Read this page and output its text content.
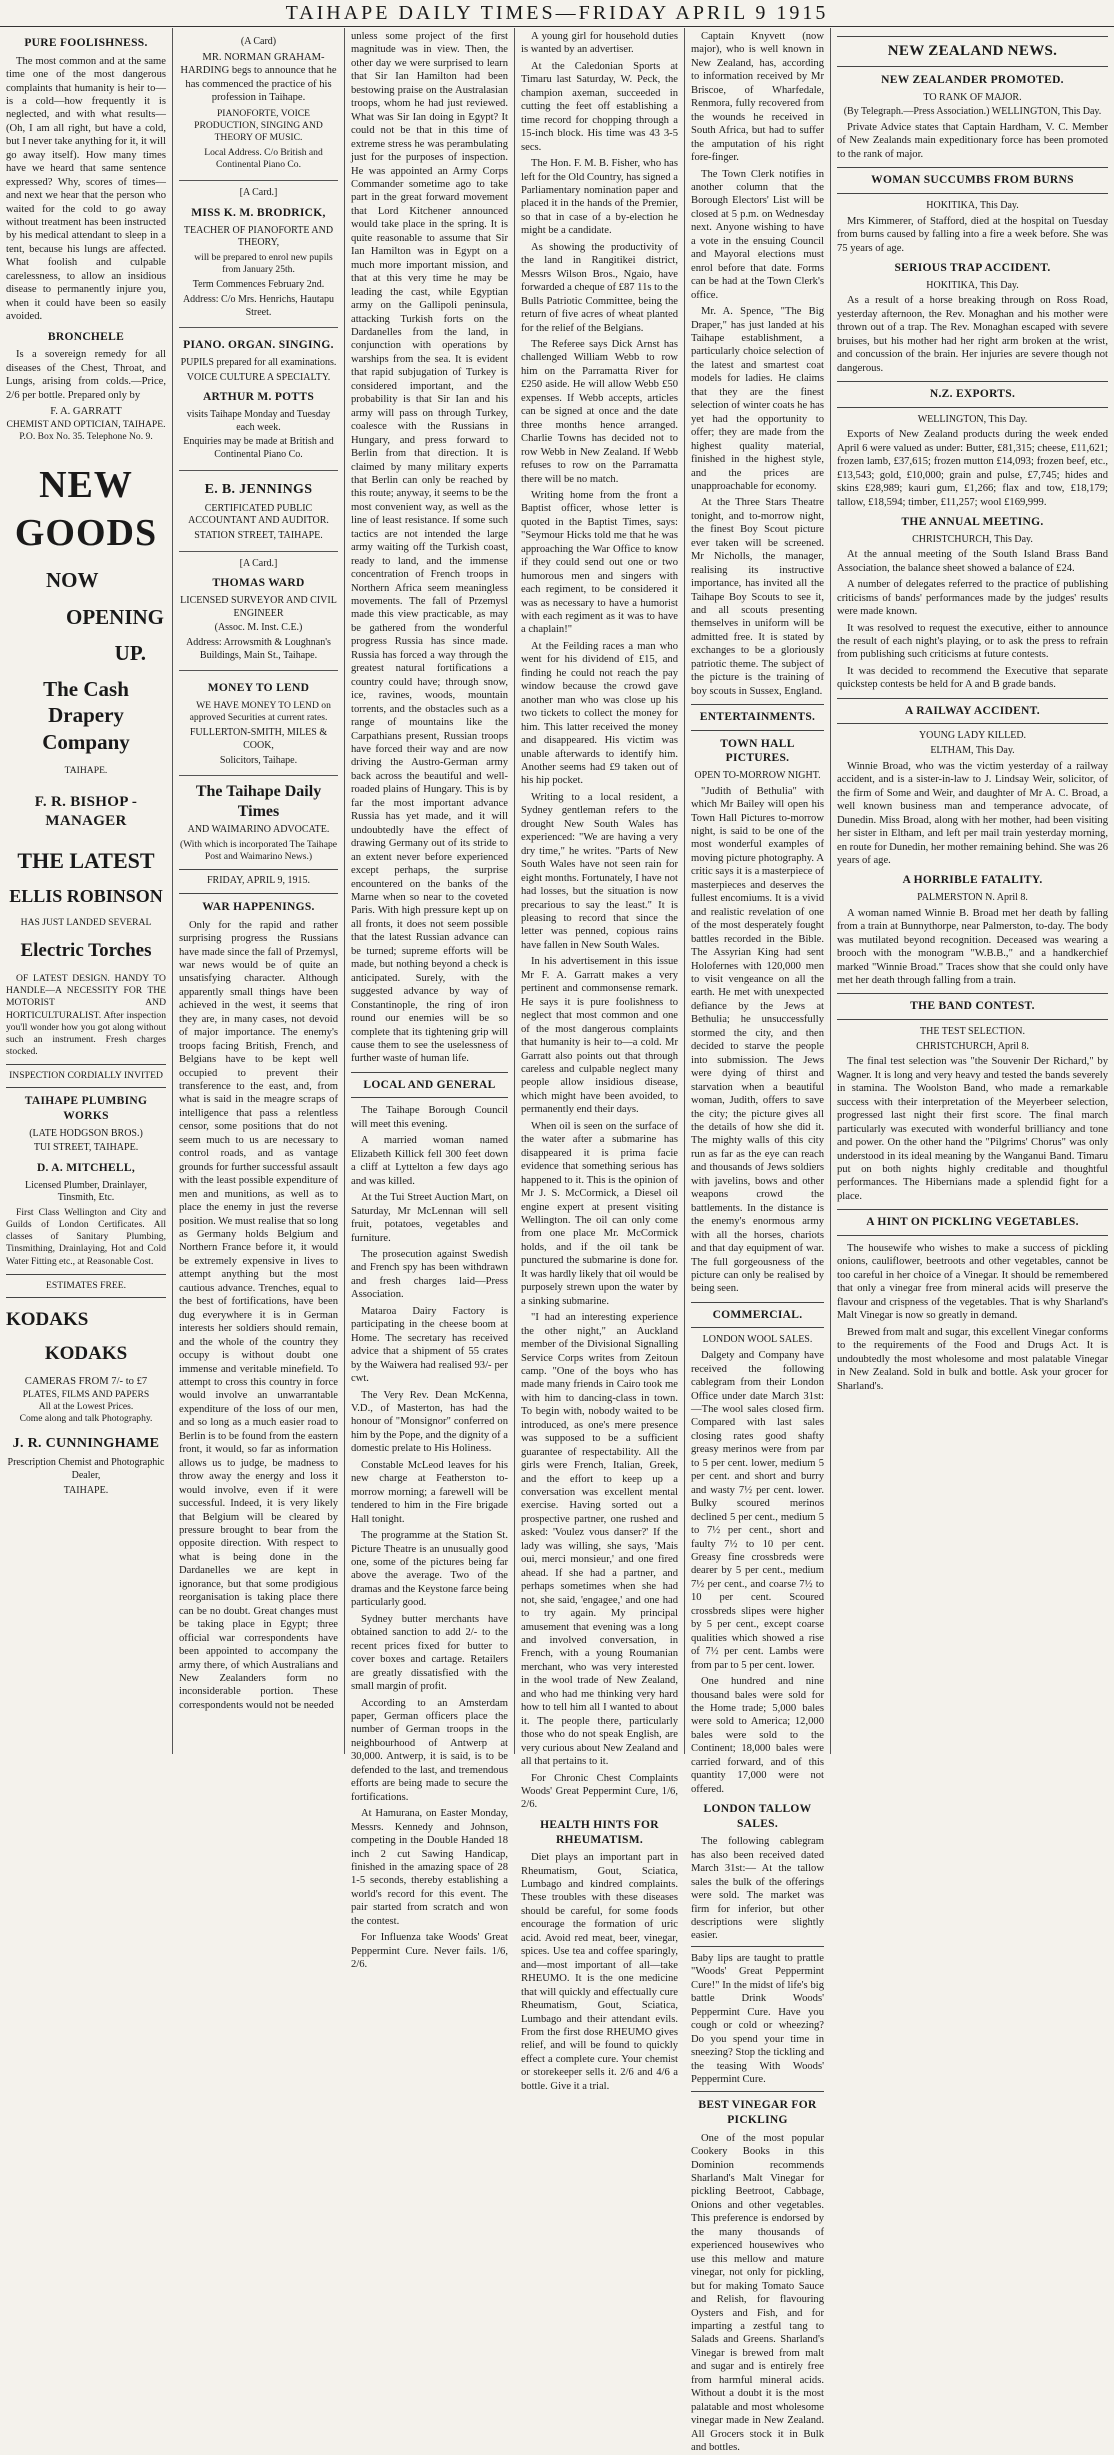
TAIHAPE DAILY TIMES—FRIDAY APRIL 9 1915
PURE FOOLISHNESS.

The most common and at the same time one of the most dangerous complaints that humanity is heir to—is a cold—how frequently it is neglected, and with what results—(Oh, I am all right, but have a cold, but I never take anything for it, it will go away itself). How many times have we heard that same sentence expressed? Why, scores of times—and next we hear that the person who waited for the cold to go away without treatment has been instructed by his medical attendant to sleep in a tent, because his lungs are affected. What foolish and culpable carelessness, to allow an insidious disease to permanently injure you, when it could have been so easily avoided.

BRONCHELE

Is a sovereign remedy for all diseases of the Chest, Throat, and Lungs, arising from colds.—Price, 2/6 per bottle. Prepared only by

F. A. GARRATT
CHEMIST AND OPTICIAN, TAIHAPE.
P.O. Box No. 35. Telephone No. 9.
NEW GOODS
NOW
OPENING
UP.
The Cash Drapery Company
TAIHAPE.
F. R. BISHOP - MANAGER
THE LATEST
ELLIS ROBINSON
HAS JUST LANDED SEVERAL
Electric Torches

OF LATEST DESIGN. HANDY TO HANDLE—A NECESSITY FOR THE MOTORIST AND HORTICULTURALIST. After inspection you'll wonder how you got along without such an instrument. Fresh charges stocked.

INSPECTION CORDIALLY INVITED
TAIHAPE PLUMBING WORKS
(LATE HODGSON BROS.)
TUI STREET, TAIHAPE.
D. A. MITCHELL,
Licensed Plumber, Drainlayer, Tinsmith, Etc.

First Class Wellington and City and Guilds of London Certificates. All classes of Sanitary Plumbing, Tinsmithing, Drainlaying, Hot and Cold Water Fitting etc., at Reasonable Cost.

ESTIMATES FREE.
KODAKS
KODAKS
CAMERAS FROM 7/- to £7
PLATES, FILMS AND PAPERS
All at the Lowest Prices.
Come along and talk Photography.
J. R. CUNNINGHAME
Prescription Chemist and Photographic Dealer,
TAIHAPE.
(A Card)

MR. NORMAN GRAHAM-HARDING begs to announce that he has commenced the practice of his profession in Taihape.

PIANOFORTE, VOICE PRODUCTION, SINGING AND THEORY OF MUSIC.

Local Address. C/o British and Continental Piano Co.

[A Card.]
MISS K. M. BRODRICK,
TEACHER OF PIANOFORTE AND THEORY,

will be prepared to enrol new pupils from January 25th.

Term Commences February 2nd.
Address: C/o Mrs. Henrichs, Hautapu Street.
PIANO. ORGAN. SINGING.
PUPILS prepared for all examinations.
VOICE CULTURE A SPECIALTY.
ARTHUR M. POTTS
visits Taihape Monday and Tuesday each week.
Enquiries may be made at British and Continental Piano Co.
E. B. JENNINGS
CERTIFICATED PUBLIC ACCOUNTANT AND AUDITOR.
STATION STREET, TAIHAPE.
[A Card.]
THOMAS WARD
LICENSED SURVEYOR AND CIVIL ENGINEER
(Assoc. M. Inst. C.E.)
Address: Arrowsmith & Loughnan's Buildings, Main St., Taihape.
MONEY TO LEND

WE HAVE MONEY TO LEND on approved Securities at current rates.

FULLERTON-SMITH, MILES & COOK,
Solicitors, Taihape.
The Taihape Daily Times
AND WAIMARINO ADVOCATE.
(With which is incorporated The Taihape Post and Waimarino News.)
FRIDAY, APRIL 9, 1915.
WAR HAPPENINGS.

Only for the rapid and rather surprising progress the Russians have made since the fall of Przemysl, war news would be of quite an unsatisfying character. Although apparently small things have been achieved in the west, it seems that they are, in many cases, not devoid of major importance. The enemy's troops facing British, French, and Belgians have to be kept well occupied to prevent their transference to the east, and, from what is said in the meagre scraps of intelligence that pass a relentless censor, some positions that do not seem much to us are necessary to control roads, and as vantage grounds for further successful assault with the least possible expenditure of men and munitions, as well as to place the enemy in just the reverse position. We must realise that so long as Germany holds Belgium and Northern France before it, it would be extremely expensive in lives to attempt anything but the most cautious advance. Trenches, equal to the best of fortifications, have been dug everywhere it is in German interests her soldiers should remain, and the whole of the country they occupy is without doubt one immense and veritable minefield. To attempt to cross this country in force would involve an unwarrantable expenditure of the loss of our men, and so long as a much easier road to Berlin is to be found from the eastern front, it would, so far as information allows us to judge, be madness to throw away the energy and loss it would involve, even if it were successful. Indeed, it is very likely that Belgium will be cleared by pressure brought to bear from the opposite direction. With respect to what is being done in the Dardanelles we are kept in ignorance, but that some prodigious reorganisation is taking place there can be no doubt. Great changes must be taking place in Egypt; three official war correspondents have been appointed to accompany the army there, of which Australians and New Zealanders form no inconsiderable portion. These correspondents would not be needed

unless some project of the first magnitude was in view. Then, the other day we were surprised to learn that Sir Ian Hamilton had been bestowing praise on the Australasian troops, whom he had just reviewed. What was Sir Ian doing in Egypt? It could not be that in this time of extreme stress he was perambulating just for the purposes of inspection. He was appointed an Army Corps Commander sometime ago to take part in the great forward movement that Lord Kitchener announced would take place in the spring. It is quite reasonable to assume that Sir Ian Hamilton was in Egypt on a much more important mission, and that at this very time he may be leading the cast, while Egyptian army on the Gallipoli peninsula, attacking Turkish forts on the Dardanelles from the land, in conjunction with operations by warships from the sea. It is evident that rapid subjugation of Turkey is considered important, and the probability is that Sir Ian and his army will pass on through Turkey, coalesce with the Russians in Hungary, and press forward to Berlin from that direction. It is claimed by many military experts that Berlin can only be reached by this route; anyway, it seems to be the most convenient way, as well as the line of least resistance. If some such tactics are not intended the large army waiting off the Turkish coast, ready to land, and the immense concentration of French troops in Northern Africa seem meaningless movements. The fall of Przemysl made this view practicable, as may be gathered from the wonderful progress Russia has since made. Russia has forced a way through the greatest natural fortifications a country could have; through snow, ice, ravines, woods, mountain torrents, and the obstacles such as a range of mountains like the Carpathians present, Russian troops have forced their way and are now driving the Austro-German army back across the beautiful and well-roaded plains of Hungary. This is by far the most important advance Russia has yet made, and it will undoubtedly have the effect of drawing Germany out of its stride to an extent never before experienced except perhaps, the surprise encountered on the banks of the Marne when so near to the coveted Paris. With high pressure kept up on all fronts, it does not seem possible that the latest Russian advance can be turned; supreme efforts will be made, but nothing beyond a check is anticipated. Surely, with the suggested advance by way of Constantinople, the ring of iron round our enemies will be so complete that its tightening grip will cause them to see the uselessness of further waste of human life.

LOCAL AND GENERAL

The Taihape Borough Council will meet this evening.

A married woman named Elizabeth Killick fell 300 feet down a cliff at Lyttelton a few days ago and was killed.

At the Tui Street Auction Mart, on Saturday, Mr McLennan will sell fruit, potatoes, vegetables and furniture.

The prosecution against Swedish and French spy has been withdrawn and fresh charges laid—Press Association.

Mataroa Dairy Factory is participating in the cheese boom at Home. The secretary has received advice that a shipment of 55 crates by the Waiwera had realised 93/- per cwt.

The Very Rev. Dean McKenna, V.D., of Masterton, has had the honour of "Monsignor" conferred on him by the Pope, and the dignity of a domestic prelate to His Holiness.

Constable McLeod leaves for his new charge at Featherston to-morrow morning; a farewell will be tendered to him in the Fire brigade Hall tonight.

The programme at the Station St. Picture Theatre is an unusually good one, some of the pictures being far above the average. Two of the dramas and the Keystone farce being particularly good.

Sydney butter merchants have obtained sanction to add 2/- to the recent prices fixed for butter to cover boxes and cartage. Retailers are greatly dissatisfied with the small margin of profit.

According to an Amsterdam paper, German officers place the number of German troops in the neighbourhood of Antwerp at 30,000. Antwerp, it is said, is to be defended to the last, and tremendous efforts are being made to secure the fortifications.

At Hamurana, on Easter Monday, Messrs. Kennedy and Johnson, competing in the Double Handed 18 inch 2 cut Sawing Handicap, finished in the amazing space of 28 1-5 seconds, thereby establishing a world's record for this event. The pair started from scratch and won the contest.

For Influenza take Woods' Great Peppermint Cure. Never fails. 1/6, 2/6.

A young girl for household duties is wanted by an advertiser.

At the Caledonian Sports at Timaru last Saturday, W. Peck, the champion axeman, succeeded in cutting the feet off establishing a time record for chopping through a 15-inch block. His time was 43 3-5 secs.

The Hon. F. M. B. Fisher, who has left for the Old Country, has signed a Parliamentary nomination paper and placed it in the hands of the Premier, so that in case of a by-election he might be a candidate.

As showing the productivity of the land in Rangitikei district, Messrs Wilson Bros., Ngaio, have forwarded a cheque of £87 11s to the Bulls Patriotic Committee, being the return of five acres of wheat planted for the relief of the Belgians.

The Referee says Dick Arnst has challenged William Webb to row him on the Parramatta River for £250 aside. He will allow Webb £50 expenses. If Webb accepts, articles can be signed at once and the date three months hence arranged. Charlie Towns has decided not to row Webb in New Zealand. If Webb refuses to row on the Parramatta there will be no match.

Writing home from the front a Baptist officer, whose letter is quoted in the Baptist Times, says: "Seymour Hicks told me that he was approaching the War Office to know if they could send out one or two humorous men and singers with each regiment, to be considered it was as necessary to have a humorist with each regiment as it was to have a chaplain!"

At the Feilding races a man who went for his dividend of £15, and finding he could not reach the pay window because the crowd gave another man who was close up his two tickets to collect the money for him. This latter received the money and disappeared. His victim was unable afterwards to identify him. Another seems had £9 taken out of his hip pocket.

Writing to a local resident, a Sydney gentleman refers to the drought New South Wales has experienced: "We are having a very dry time," he writes. "Parts of New South Wales have not seen rain for eight months. Fortunately, I have not had losses, but the situation is now precarious to say the least." It is pleasing to record that since the letter was penned, copious rains have fallen in New South Wales.

In his advertisement in this issue Mr F. A. Garratt makes a very pertinent and commonsense remark. He says it is pure foolishness to neglect that most common and one of the most dangerous complaints that humanity is heir to—a cold. Mr Garratt also points out that through careless and culpable neglect many people allow insidious disease, which might have been avoided, to permanently end their days.

When oil is seen on the surface of the water after a submarine has disappeared it is prima facie evidence that something serious has happened to it. This is the opinion of Mr J. S. McCormick, a Diesel oil engine expert at present visiting Wellington. The oil can only come from one place Mr. McCormick holds, and if the oil tank be punctured the submarine is done for. It was hardly likely that oil would be purposely strewn upon the water by a sinking submarine.

"I had an interesting experience the other night," an Auckland member of the Divisional Signalling Service Corps writes from Zeitoun camp. "One of the boys who has made many friends in Cairo took me with him to dancing-class in town. To begin with, nobody waited to be introduced, as one's mere presence was supposed to be a sufficient guarantee of respectability. All the girls were French, Italian, Greek, and the effort to keep up a conversation was excellent mental exercise. Having sorted out a prospective partner, one rushed and asked: 'Voulez vous danser?' If the lady was willing, she says, 'Mais oui, merci monsieur,' and one fired ahead. If she had a partner, and perhaps sometimes when she had not, she said, 'engagee,' and one had to try again. My principal amusement that evening was a long and involved conversation, in French, with a young Roumanian merchant, who was very interested in the wool trade of New Zealand, and who had me thinking very hard how to tell him all I wanted to about it. The people there, particularly those who do not speak English, are very curious about New Zealand and all that pertains to it.

For Chronic Chest Complaints Woods' Great Peppermint Cure, 1/6, 2/6.

HEALTH HINTS FOR RHEUMATISM.

Diet plays an important part in Rheumatism, Gout, Sciatica, Lumbago and kindred complaints. These troubles with these diseases should be careful, for some foods encourage the formation of uric acid. Avoid red meat, beer, vinegar, spices. Use tea and coffee sparingly, and—most important of all—take RHEUMO. It is the one medicine that will quickly and effectually cure Rheumatism, Gout, Sciatica, Lumbago and their attendant evils. From the first dose RHEUMO gives relief, and will be found to quickly effect a complete cure. Your chemist or storekeeper sells it. 2/6 and 4/6 a bottle. Give it a trial.

Captain Knyvett (now major), who is well known in New Zealand, has, according to information received by Mr Briscoe, of Wharfedale, Renmora, fully recovered from the wounds he received in South Africa, but had to suffer the amputation of his right fore-finger.

The Town Clerk notifies in another column that the Borough Electors' List will be closed at 5 p.m. on Wednesday next. Anyone wishing to have a vote in the ensuing Council and Mayoral elections must enrol before that date. Forms can be had at the Town Clerk's office.

Mr. A. Spence, "The Big Draper," has just landed at his Taihape establishment, a particularly choice selection of the latest and smartest coat models for ladies. He claims that they are the finest selection of winter coats he has yet had the opportunity to offer; they are made from the highest quality material, finished in the highest style, and the prices are unapproachable for economy.

At the Three Stars Theatre tonight, and to-morrow night, the finest Boy Scout picture ever taken will be screened. Mr Nicholls, the manager, realising its instructive importance, has invited all the Taihape Boy Scouts to see it, and all scouts presenting themselves in uniform will be admitted free. It is stated by exchanges to be a gloriously patriotic theme. The subject of the picture is the training of boy scouts in Sussex, England.

ENTERTAINMENTS.
TOWN HALL PICTURES.
OPEN TO-MORROW NIGHT.

"Judith of Bethulia" with which Mr Bailey will open his Town Hall Pictures to-morrow night, is said to be one of the most wonderful examples of moving picture photography. A critic says it is a masterpiece of masterpieces and deserves the fullest encomiums. It is a vivid and realistic revelation of one of the most desperately fought battles recorded in the Bible. The Assyrian King had sent Holofernes with 120,000 men to visit vengeance on all the earth. He met with unexpected defiance by the Jews at Bethulia; he unsuccessfully stormed the city, and then decided to starve the people into submission. The Jews were dying of thirst and starvation when a beautiful woman, Judith, offers to save the city; the picture gives all the details of how she did it. The mighty walls of this city run as far as the eye can reach and thousands of Jews soldiers with javelins, bows and other weapons crowd the battlements. In the distance is the enemy's enormous army with all the horses, chariots and that day equipment of war. The full gorgeousness of the picture can only be realised by being seen.

COMMERCIAL.
LONDON WOOL SALES.

Dalgety and Company have received the following cablegram from their London Office under date March 31st:—The wool sales closed firm. Compared with last sales closing rates good shafty greasy merinos were from par to 5 per cent. lower, medium 5 per cent. and short and burry and wasty 7½ per cent. lower. Bulky scoured merinos declined 5 per cent., medium 5 to 7½ per cent., short and faulty 7½ to 10 per cent. Greasy fine crossbreds were dearer by 5 per cent., medium 7½ per cent., and coarse 7½ to 10 per cent. Scoured crossbreds slipes were higher by 5 per cent., except coarse qualities which showed a rise of 7½ per cent. Lambs were from par to 5 per cent. lower.

One hundred and nine thousand bales were sold for the Home trade; 5,000 bales were sold to America; 12,000 bales were sold to the Continent; 18,000 bales were carried forward, and of this quantity 17,000 were not offered.

LONDON TALLOW SALES.

The following cablegram has also been received dated March 31st:— At the tallow sales the bulk of the offerings were sold. The market was firm for inferior, but other descriptions were slightly easier.

Baby lips are taught to prattle "Woods' Great Peppermint Cure!" In the midst of life's big battle Drink Woods' Peppermint Cure. Have you cough or cold or wheezing? Do you spend your time in sneezing? Stop the tickling and the teasing With Woods' Peppermint Cure.

BEST VINEGAR FOR PICKLING

One of the most popular Cookery Books in this Dominion recommends Sharland's Malt Vinegar for pickling Beetroot, Cabbage, Onions and other vegetables. This preference is endorsed by the many thousands of experienced housewives who use this mellow and mature vinegar, not only for pickling, but for making Tomato Sauce and Relish, for flavouring Oysters and Fish, and for imparting a zestful tang to Salads and Greens. Sharland's Vinegar is brewed from malt and sugar and is entirely free from harmful mineral acids. Without a doubt it is the most palatable and most wholesome vinegar made in New Zealand. All Grocers stock it in Bulk and bottles.

NEW ZEALAND NEWS.
NEW ZEALANDER PROMOTED.
TO RANK OF MAJOR.
(By Telegraph.—Press Association.) WELLINGTON, This Day.

Private Advice states that Captain Hardham, V. C. Member of New Zealands main expeditionary force has been promoted to the rank of major.

WOMAN SUCCUMBS FROM BURNS
HOKITIKA, This Day.

Mrs Kimmerer, of Stafford, died at the hospital on Tuesday from burns caused by falling into a fire a week before. She was 75 years of age.

SERIOUS TRAP ACCIDENT.
HOKITIKA, This Day.

As a result of a horse breaking through on Ross Road, yesterday afternoon, the Rev. Monaghan and his mother were thrown out of a trap. The Rev. Monaghan escaped with severe bruises, but his mother had her right arm broken at the wrist, and concussion of the brain. Her injuries are severe though not dangerous.

N.Z. EXPORTS.
WELLINGTON, This Day.

Exports of New Zealand products during the week ended April 6 were valued as under: Butter, £81,315; cheese, £11,621; frozen lamb, £37,615; frozen mutton £14,093; frozen beef, etc., £13,543; gold, £10,000; grain and pulse, £7,745; hides and skins £28,989; kauri gum, £1,266; flax and tow, £18,179; tallow, £18,594; timber, £11,257; wool £169,999.

THE ANNUAL MEETING.
CHRISTCHURCH, This Day.

At the annual meeting of the South Island Brass Band Association, the balance sheet showed a balance of £24.

A number of delegates referred to the practice of publishing criticisms of bands' performances made by the judges' results were made known.

It was resolved to request the executive, either to announce the result of each night's playing, or to ask the press to refrain from publishing such criticisms at future contests.

It was decided to recommend the Executive that separate quickstep contests be held for A and B grade bands.

A RAILWAY ACCIDENT.
YOUNG LADY KILLED.
ELTHAM, This Day.

Winnie Broad, who was the victim yesterday of a railway accident, and is a sister-in-law to J. Lindsay Weir, solicitor, of the firm of Some and Weir, and daughter of Mr A. C. Broad, a well known business man and temperance advocate, of Dunedin. Miss Broad, along with her mother, had been visiting her sister in Eltham, and left per mail train yesterday morning, en route for Dunedin, her mother remaining behind. She was 26 years of age.

A HORRIBLE FATALITY.
PALMERSTON N. April 8.

A woman named Winnie B. Broad met her death by falling from a train at Bunnythorpe, near Palmerston, to-day. The body was mutilated beyond recognition. Deceased was wearing a brooch with the monogram "W.B.B.," and a handkerchief marked "Winnie Broad." Traces show that she could only have met her death through falling from a train.

THE BAND CONTEST.
THE TEST SELECTION.
CHRISTCHURCH, April 8.

The final test selection was "the Souvenir Der Richard," by Wagner. It is long and very heavy and tested the bands severely in stamina. The Woolston Band, who made a remarkable success with their interpretation of the Meyerbeer selection, progressed last night their first score. The final march particularly was executed with wonderful brilliancy and tone and power. On the other hand the "Pilgrims' Chorus" was only understood in its ideal meaning by the Wanganui Band. Timaru put on both nights highly creditable and thoughtful performances. The Hibernians made a splendid fight for a place.

A HINT ON PICKLING VEGETABLES.

The housewife who wishes to make a success of pickling onions, cauliflower, beetroots and other vegetables, cannot be too careful in her choice of a Vinegar. It should be remembered that only a vinegar free from mineral acids will preserve the flavour and crispness of the vegetables. That is why Sharland's Malt Vinegar is now so greatly in demand.

Brewed from malt and sugar, this excellent Vinegar conforms to the requirements of the Food and Drugs Act. It is undoubtedly the most wholesome and most palatable Vinegar in New Zealand. Sold in bulk and bottle. Ask your grocer for Sharland's.
